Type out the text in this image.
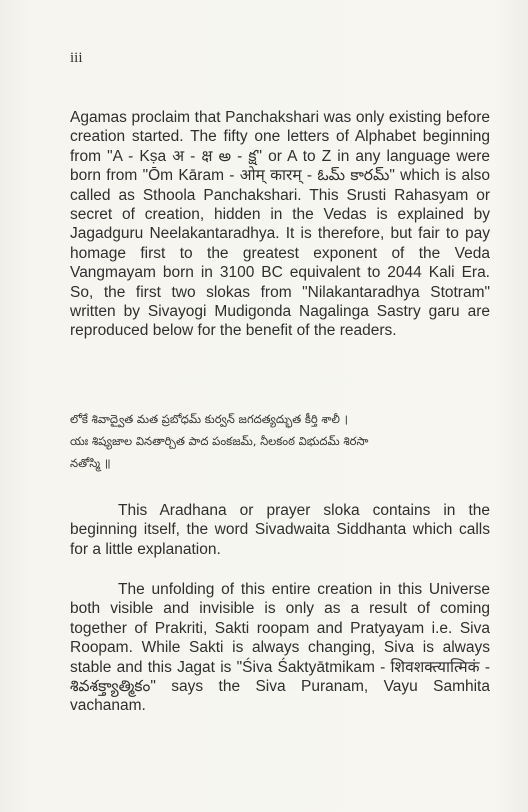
iii

Agamas proclaim that Panchakshari was only existing before creation started. The fifty one letters of Alphabet beginning from "A - Kṣa अ - क्ष అ - క్ష" or A to Z in any language were born from "Ōm Kāram - ओम् कारम् - ఓమ్ కారమ్" which is also called as Sthoola Panchakshari. This Srusti Rahasyam or secret of creation, hidden in the Vedas is explained by Jagadguru Neelakantaradhya. It is therefore, but fair to pay homage first to the greatest exponent of the Veda Vangmayam born in 3100 BC equivalent to 2044 Kali Era. So, the first two slokas from "Nilakantaradhya Stotram" written by Sivayogi Mudigonda Nagalinga Sastry garu are reproduced below for the benefit of the readers.

లోకే శివాద్వైత మత ప్రబోధమ్ కుర్వన్ జగదత్యద్భుత కీర్తి శాలీ ।
యః శిష్యజాల వినతార్చిత పాద పంకజమ్, నీలకంఠ విభుదమ్ శిరసా
నతోస్మి ॥

This Aradhana or prayer sloka contains in the beginning itself, the word Sivadwaita Siddhanta which calls for a little explanation.

The unfolding of this entire creation in this Universe both visible and invisible is only as a result of coming together of Prakriti, Sakti roopam and Pratyayam i.e. Siva Roopam. While Sakti is always changing, Siva is always stable and this Jagat is "Śiva Śaktyātmikam - शिवशक्त्यात्मिकं - శివశక్త్యాత్మికం" says the Siva Puranam, Vayu Samhita vachanam.
